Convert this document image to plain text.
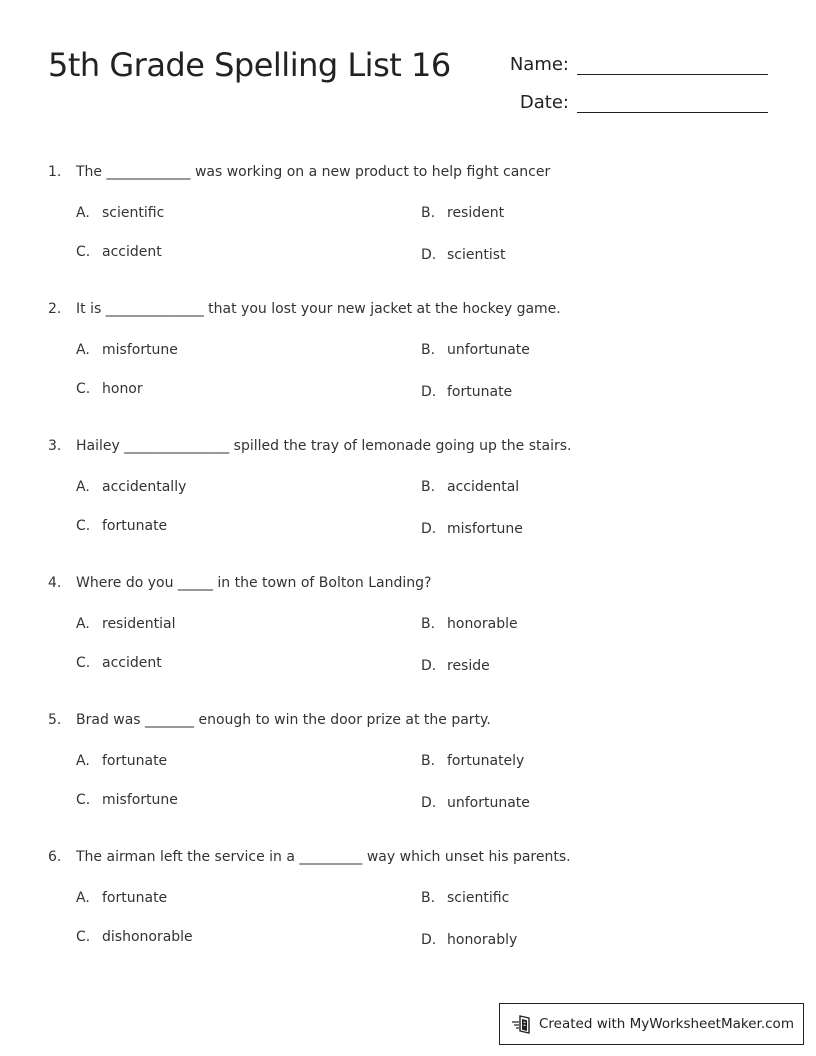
5th Grade Spelling List 16	Name:
Date:
1. The ____________ was working on a new product to help fight cancer
A. scientific	B. resident
C. accident	D. scientist
2. It is ______________ that you lost your new jacket at the hockey game.
A. misfortune	B. unfortunate
C. honor	D. fortunate
3. Hailey _______________ spilled the tray of lemonade going up the stairs.
A. accidentally	B. accidental
C. fortunate	D. misfortune
4. Where do you _____ in the town of Bolton Landing?
A. residential	B. honorable
C. accident	D. reside
5. Brad was _______ enough to win the door prize at the party.
A. fortunate	B. fortunately
C. misfortune	D. unfortunate
6. The airman left the service in a _________ way which unset his parents.
A. fortunate	B. scientific
C. dishonorable	D. honorably
Created with MyWorksheetMaker.com
